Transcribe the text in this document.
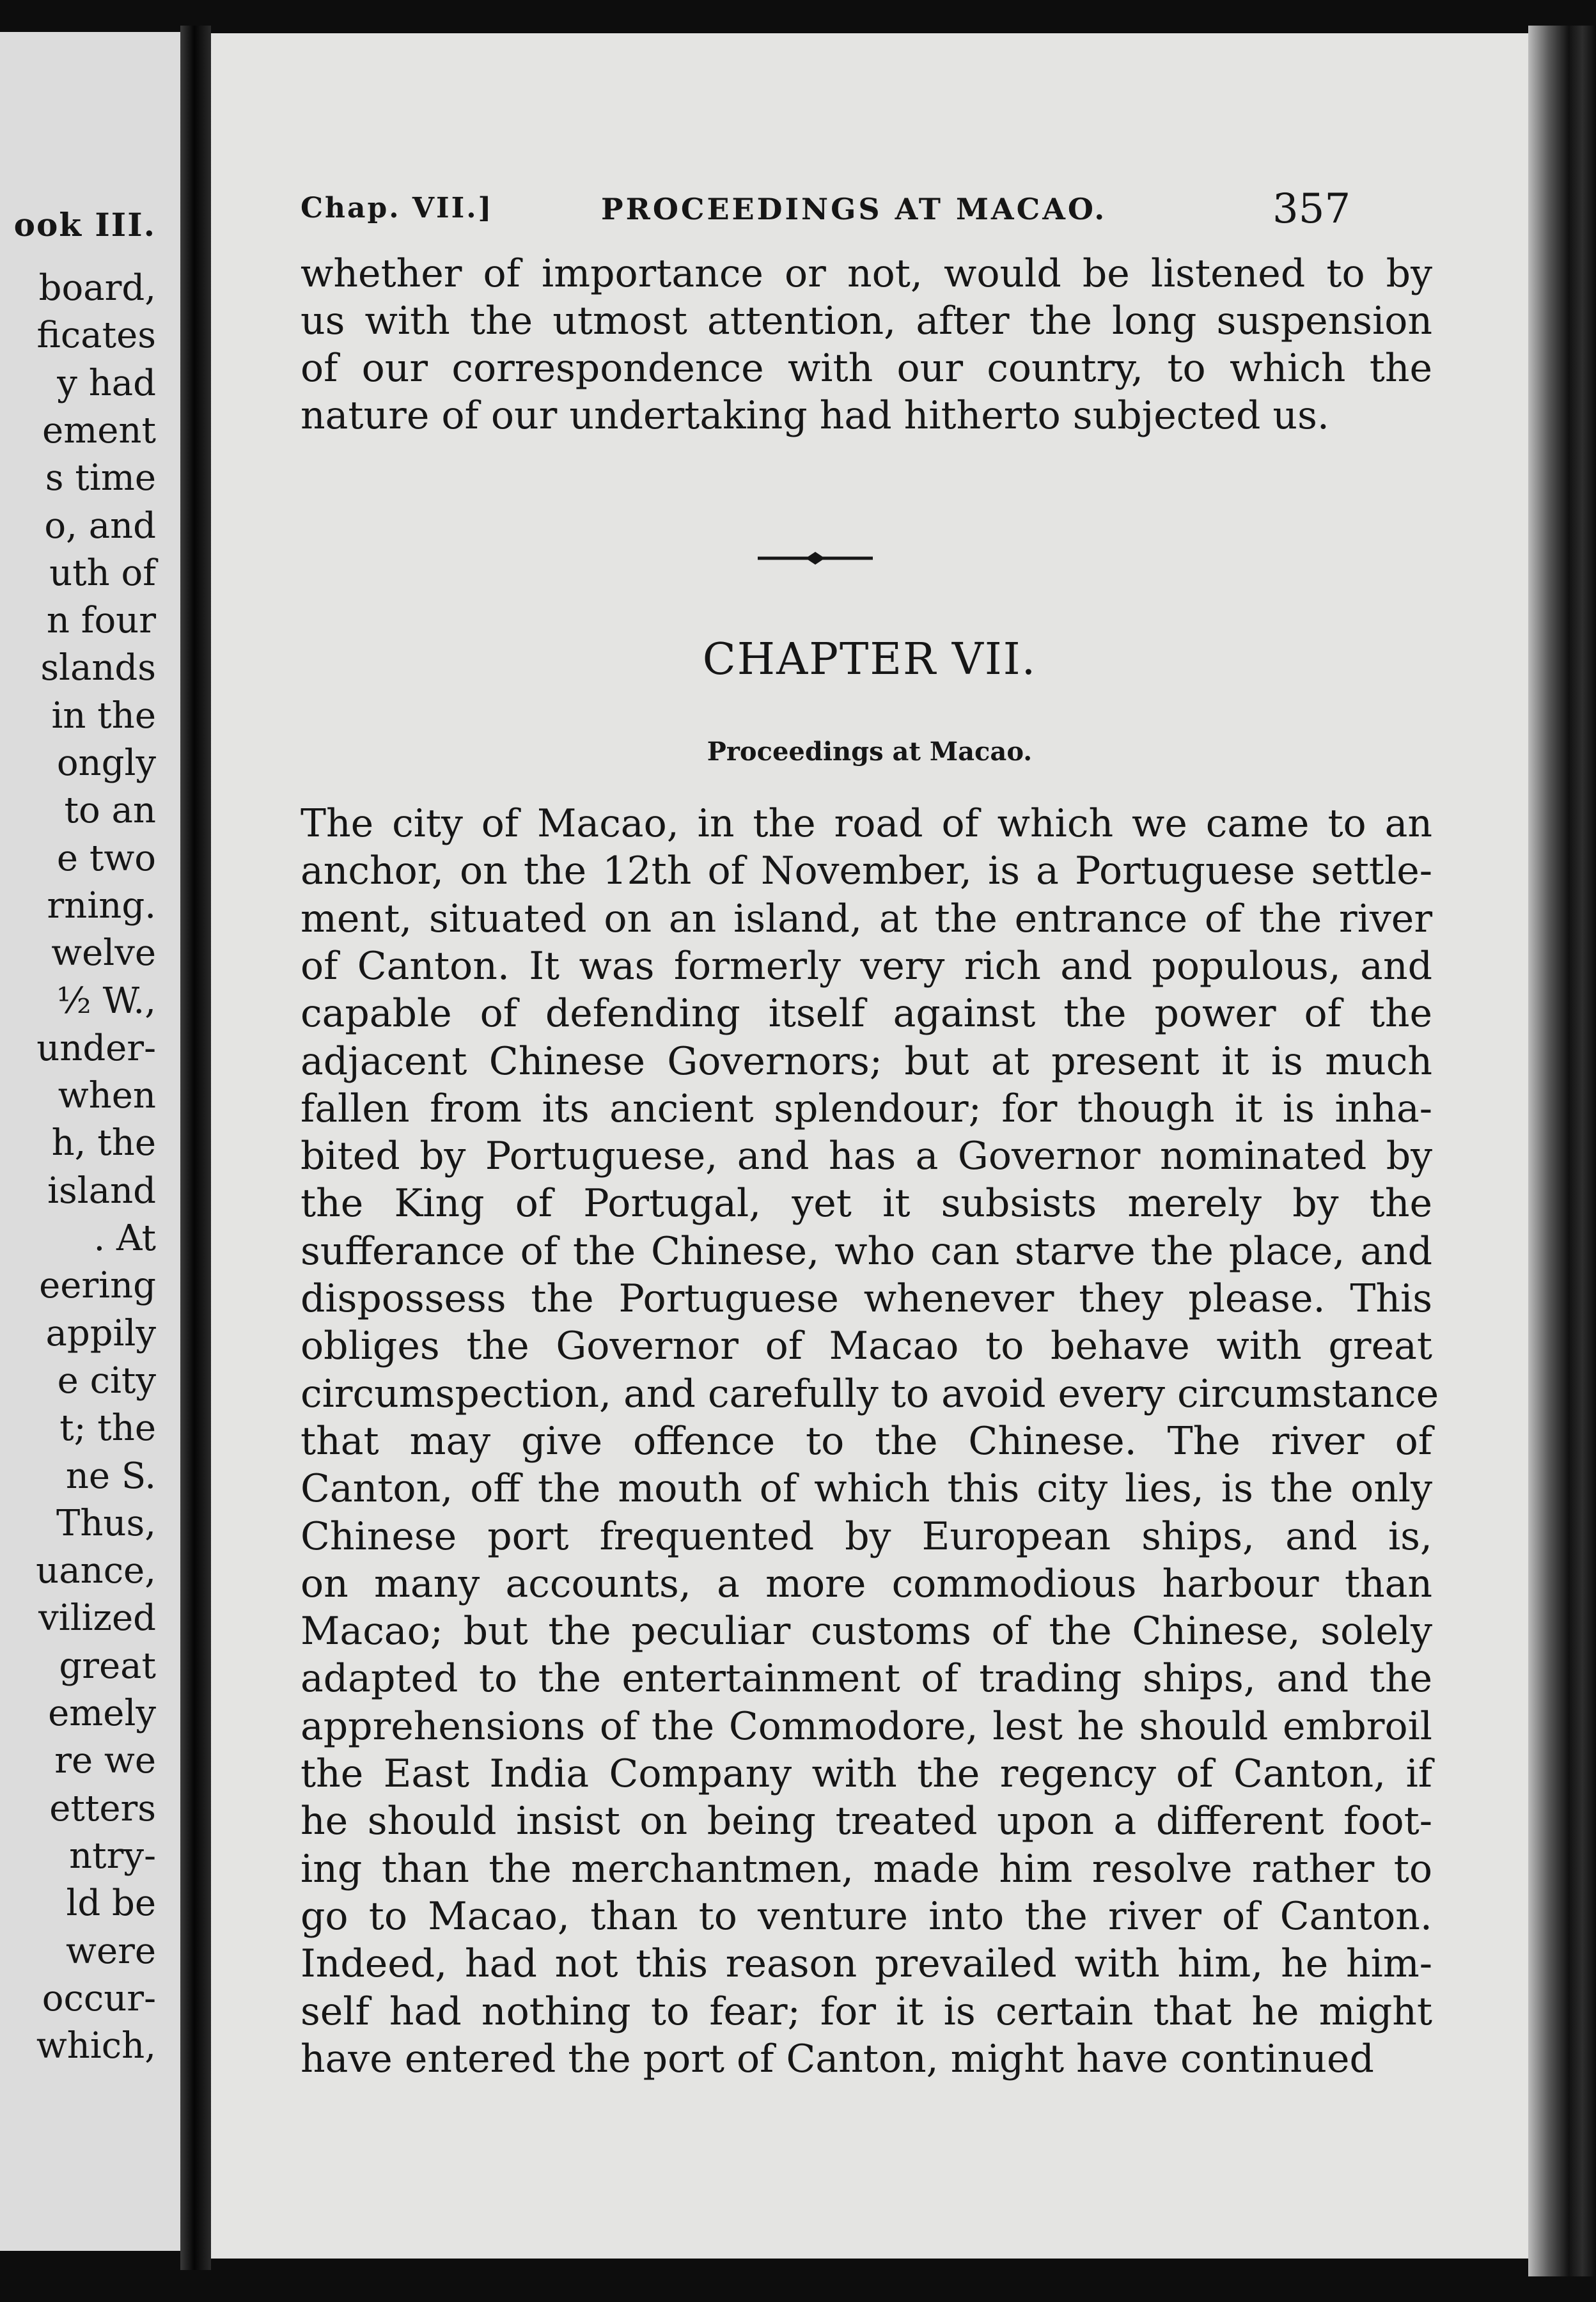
ook III.
board,
ficates
y had
ement
s time
o, and
uth of
n four
slands
in the
ongly
to an
e two
rning.
welve
½ W.,
under-
when
h, the
island
. At
eering
appily
e city
t; the
ne S.
Thus,
uance,
vilized
great
emely
re we
etters
ntry-
ld be
were
occur-
which,
Chap. VII.]	PROCEEDINGS AT MACAO.	357
whether of importance or not, would be listened to by
us with the utmost attention, after the long suspension
of our correspondence with our country, to which the
nature of our undertaking had hitherto subjected us.
CHAPTER VII.
Proceedings at Macao.
The city of Macao, in the road of which we came to an
anchor, on the 12th of November, is a Portuguese settle-
ment, situated on an island, at the entrance of the river
of Canton. It was formerly very rich and populous, and
capable of defending itself against the power of the
adjacent Chinese Governors; but at present it is much
fallen from its ancient splendour; for though it is inha-
bited by Portuguese, and has a Governor nominated by
the King of Portugal, yet it subsists merely by the
sufferance of the Chinese, who can starve the place, and
dispossess the Portuguese whenever they please. This
obliges the Governor of Macao to behave with great
circumspection, and carefully to avoid every circumstance
that may give offence to the Chinese. The river of
Canton, off the mouth of which this city lies, is the only
Chinese port frequented by European ships, and is,
on many accounts, a more commodious harbour than
Macao; but the peculiar customs of the Chinese, solely
adapted to the entertainment of trading ships, and the
apprehensions of the Commodore, lest he should embroil
the East India Company with the regency of Canton, if
he should insist on being treated upon a different foot-
ing than the merchantmen, made him resolve rather to
go to Macao, than to venture into the river of Canton.
Indeed, had not this reason prevailed with him, he him-
self had nothing to fear; for it is certain that he might
have entered the port of Canton, might have continued
